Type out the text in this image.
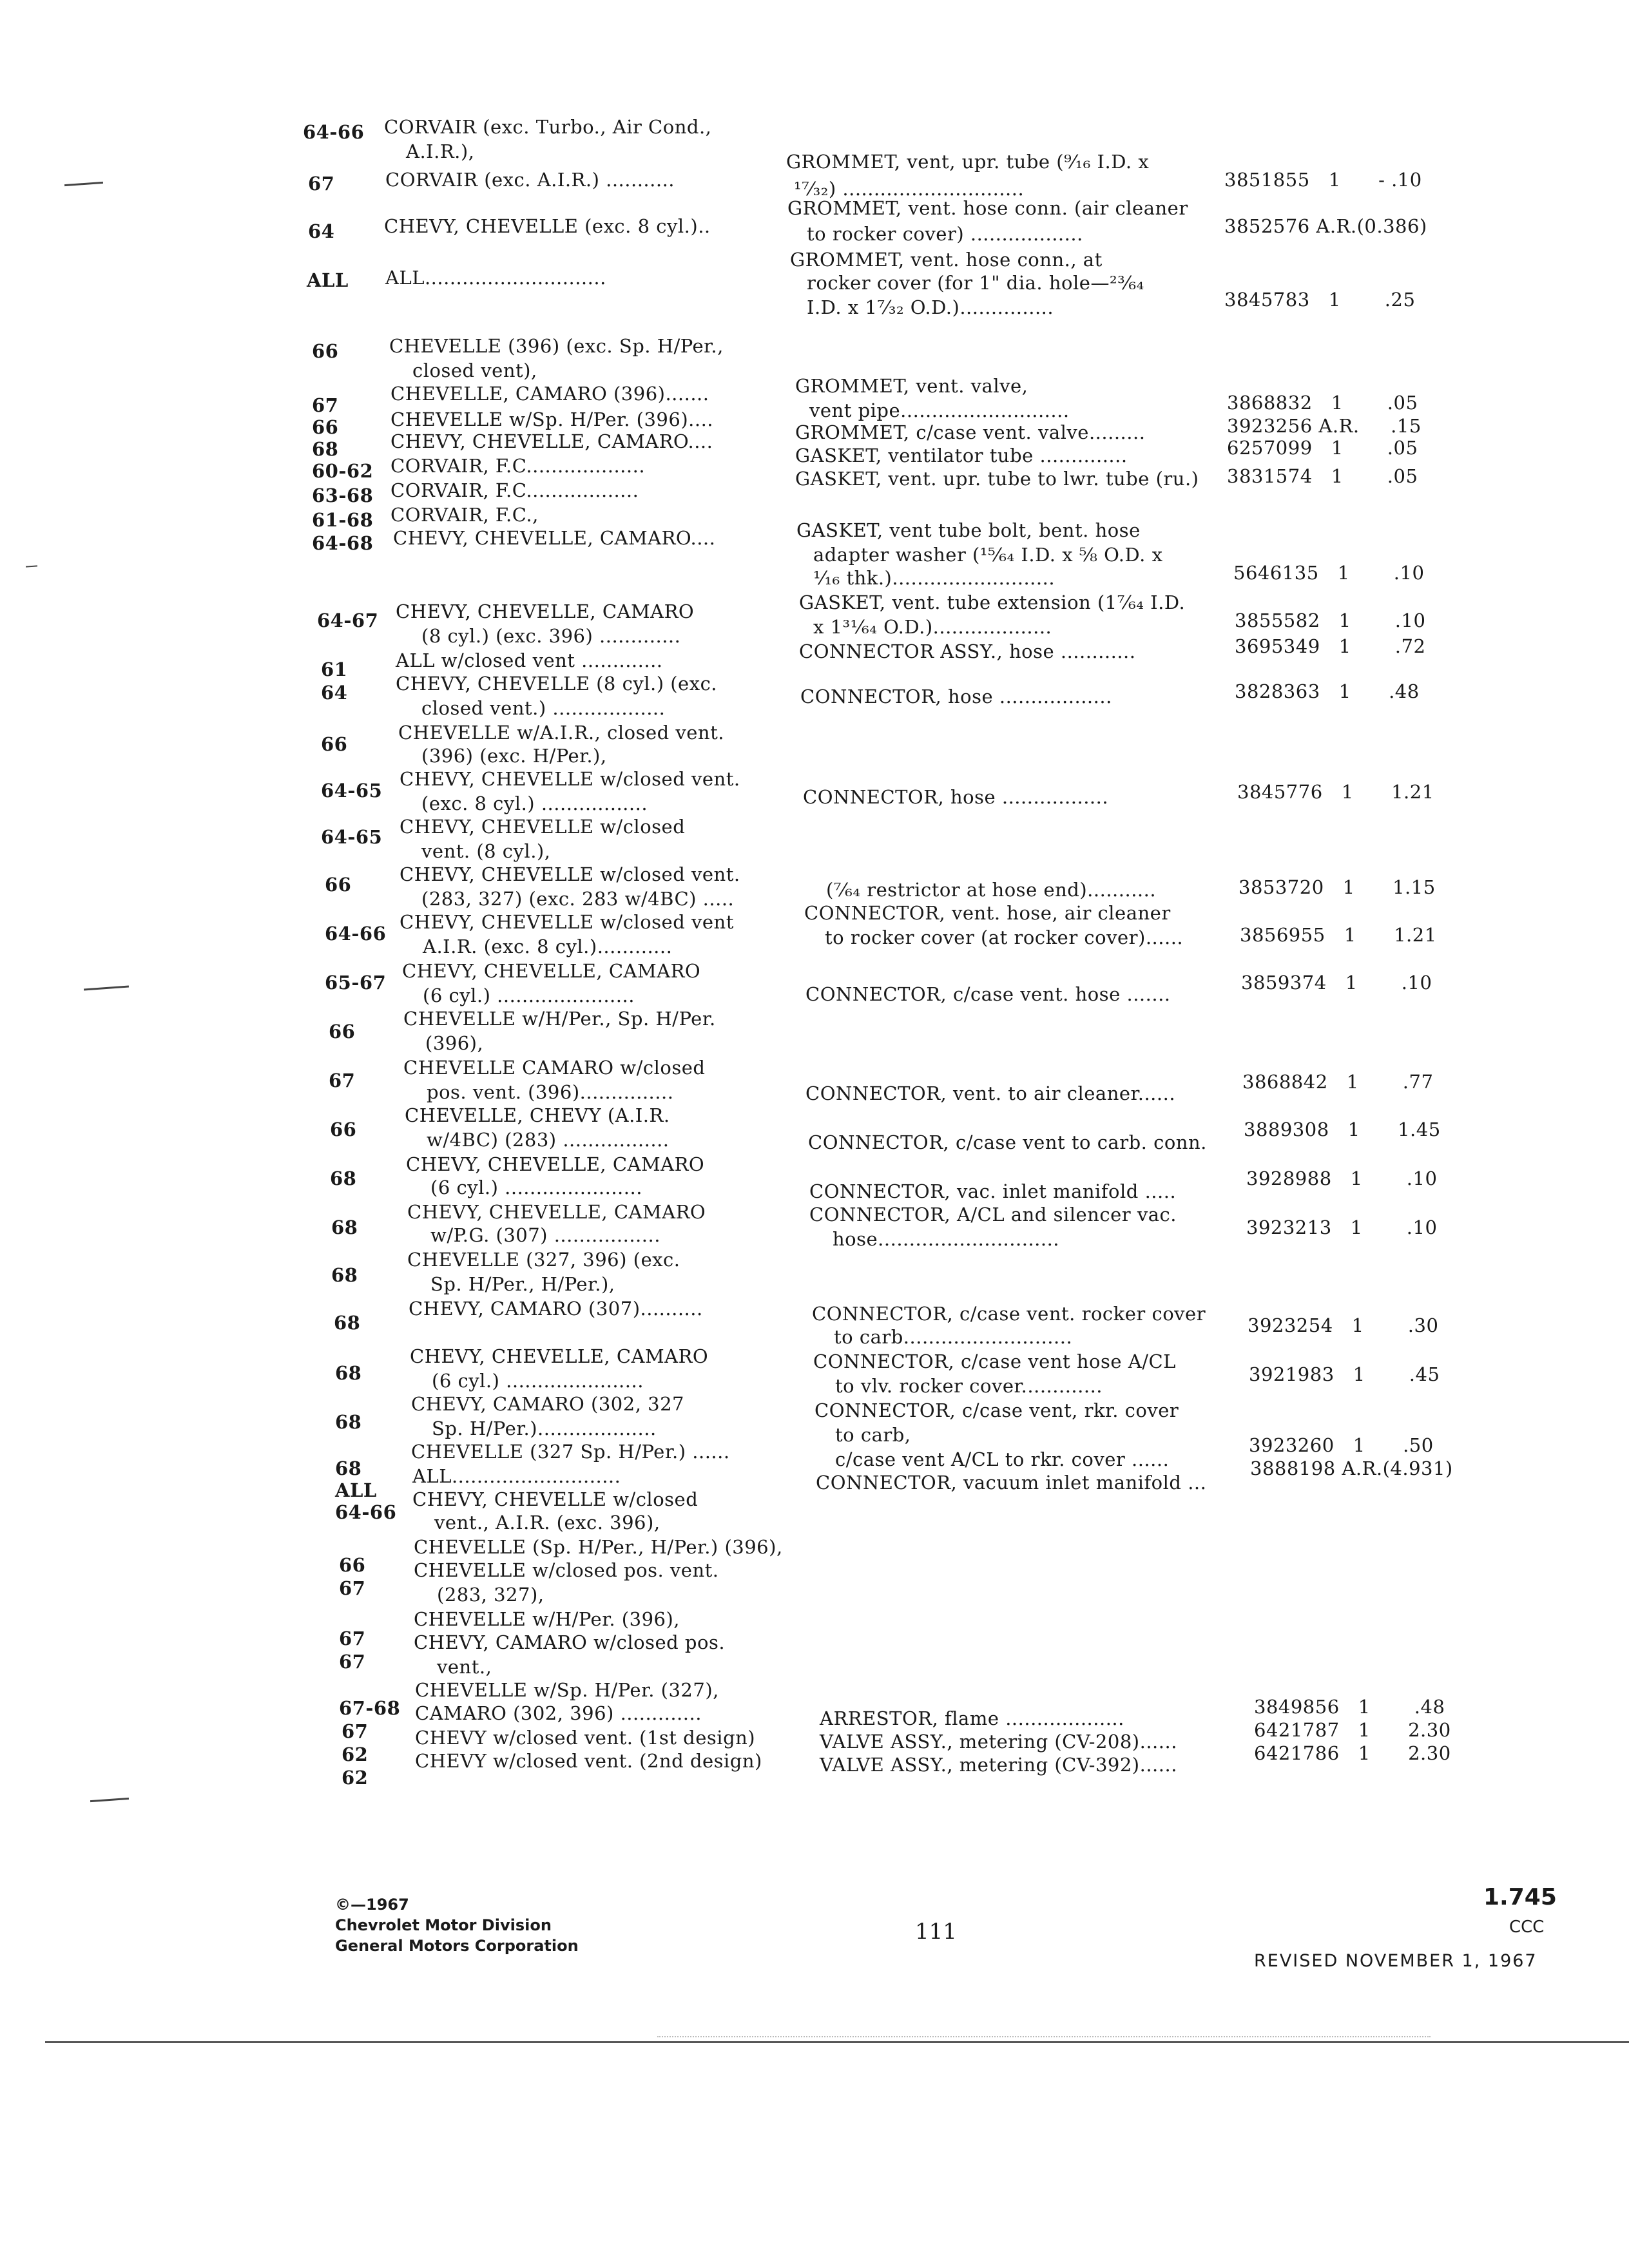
64-66
67
64
ALL
66
67
66
68
60-62
63-68
61-68
64-68
64-67
61
64
66
64-65
64-65
66
64-66
65-67
66
67
66
68
68
68
68
68
68
68
ALL
64-66
66
67
67
67
67-68
67
62
62
CORVAIR (exc. Turbo., Air Cond.,
A.I.R.),
CORVAIR (exc. A.I.R.) ...........
CHEVY, CHEVELLE (exc. 8 cyl.)..
ALL.............................
CHEVELLE (396) (exc. Sp. H/Per.,
closed vent),
CHEVELLE, CAMARO (396).......
CHEVELLE w/Sp. H/Per. (396)....
CHEVY, CHEVELLE, CAMARO....
CORVAIR, F.C...................
CORVAIR, F.C..................
CORVAIR, F.C.,
CHEVY, CHEVELLE, CAMARO....
CHEVY, CHEVELLE, CAMARO
(8 cyl.) (exc. 396) .............
ALL w/closed vent .............
CHEVY, CHEVELLE (8 cyl.) (exc.
closed vent.) ..................
CHEVELLE w/A.I.R., closed vent.
(396) (exc. H/Per.),
CHEVY, CHEVELLE w/closed vent.
(exc. 8 cyl.) .................
CHEVY, CHEVELLE w/closed
vent. (8 cyl.),
CHEVY, CHEVELLE w/closed vent.
(283, 327) (exc. 283 w/4BC) .....
CHEVY, CHEVELLE w/closed vent
A.I.R. (exc. 8 cyl.)............
CHEVY, CHEVELLE, CAMARO
(6 cyl.) ......................
CHEVELLE w/H/Per., Sp. H/Per.
(396),
CHEVELLE CAMARO w/closed
pos. vent. (396)...............
CHEVELLE, CHEVY (A.I.R.
w/4BC) (283) .................
CHEVY, CHEVELLE, CAMARO
(6 cyl.) ......................
CHEVY, CHEVELLE, CAMARO
w/P.G. (307) .................
CHEVELLE (327, 396) (exc.
Sp. H/Per., H/Per.),
CHEVY, CAMARO (307)..........
CHEVY, CHEVELLE, CAMARO
(6 cyl.) ......................
CHEVY, CAMARO (302, 327
Sp. H/Per.)...................
CHEVELLE (327 Sp. H/Per.) ......
ALL...........................
CHEVY, CHEVELLE w/closed
vent., A.I.R. (exc. 396),
CHEVELLE (Sp. H/Per., H/Per.) (396),
CHEVELLE w/closed pos. vent.
(283, 327),
CHEVELLE w/H/Per. (396),
CHEVY, CAMARO w/closed pos.
vent.,
CHEVELLE w/Sp. H/Per. (327),
CAMARO (302, 396) .............
CHEVY w/closed vent. (1st design)
CHEVY w/closed vent. (2nd design)
GROMMET, vent, upr. tube (⁹⁄₁₆ I.D. x
¹⁷⁄₃₂) .............................
GROMMET, vent. hose conn. (air cleaner
to rocker cover) ..................
GROMMET, vent. hose conn., at
rocker cover (for 1" dia. hole—²³⁄₆₄
I.D. x 1⁷⁄₃₂ O.D.)...............
GROMMET, vent. valve,
vent pipe...........................
GROMMET, c/case vent. valve.........
GASKET, ventilator tube ..............
GASKET, vent. upr. tube to lwr. tube (ru.)
GASKET, vent tube bolt, bent. hose
adapter washer (¹⁵⁄₆₄ I.D. x ⅝ O.D. x
¹⁄₁₆ thk.)..........................
GASKET, vent. tube extension (1⁷⁄₆₄ I.D.
x 1³¹⁄₆₄ O.D.)...................
CONNECTOR ASSY., hose ............
CONNECTOR, hose ..................
CONNECTOR, hose .................
(⁷⁄₆₄ restrictor at hose end)...........
CONNECTOR, vent. hose, air cleaner
to rocker cover (at rocker cover)......
CONNECTOR, c/case vent. hose .......
CONNECTOR, vent. to air cleaner......
CONNECTOR, c/case vent to carb. conn.
CONNECTOR, vac. inlet manifold .....
CONNECTOR, A/CL and silencer vac.
hose.............................
CONNECTOR, c/case vent. rocker cover
to carb...........................
CONNECTOR, c/case vent hose A/CL
to vlv. rocker cover.............
CONNECTOR, c/case vent, rkr. cover
to carb,
c/case vent A/CL to rkr. cover ......
CONNECTOR, vacuum inlet manifold ...
ARRESTOR, flame ...................
VALVE ASSY., metering (CV-208)......
VALVE ASSY., metering (CV-392)......
3851855   1      - .10
3852576 A.R.(0.386)
3845783   1       .25
3868832   1       .05
3923256 A.R.     .15
6257099   1       .05
3831574   1       .05
5646135   1       .10
3855582   1       .10
3695349   1       .72
3828363   1      .48
3845776   1      1.21
3853720   1      1.15
3856955   1      1.21
3859374   1       .10
3868842   1       .77
3889308   1      1.45
3928988   1       .10
3923213   1       .10
3923254   1       .30
3921983   1       .45
3923260   1      .50
3888198 A.R.(4.931)
3849856   1       .48
6421787   1      2.30
6421786   1      2.30
©—1967
Chevrolet Motor Division
General Motors Corporation
111
1.745
CCC
REVISED NOVEMBER 1, 1967
